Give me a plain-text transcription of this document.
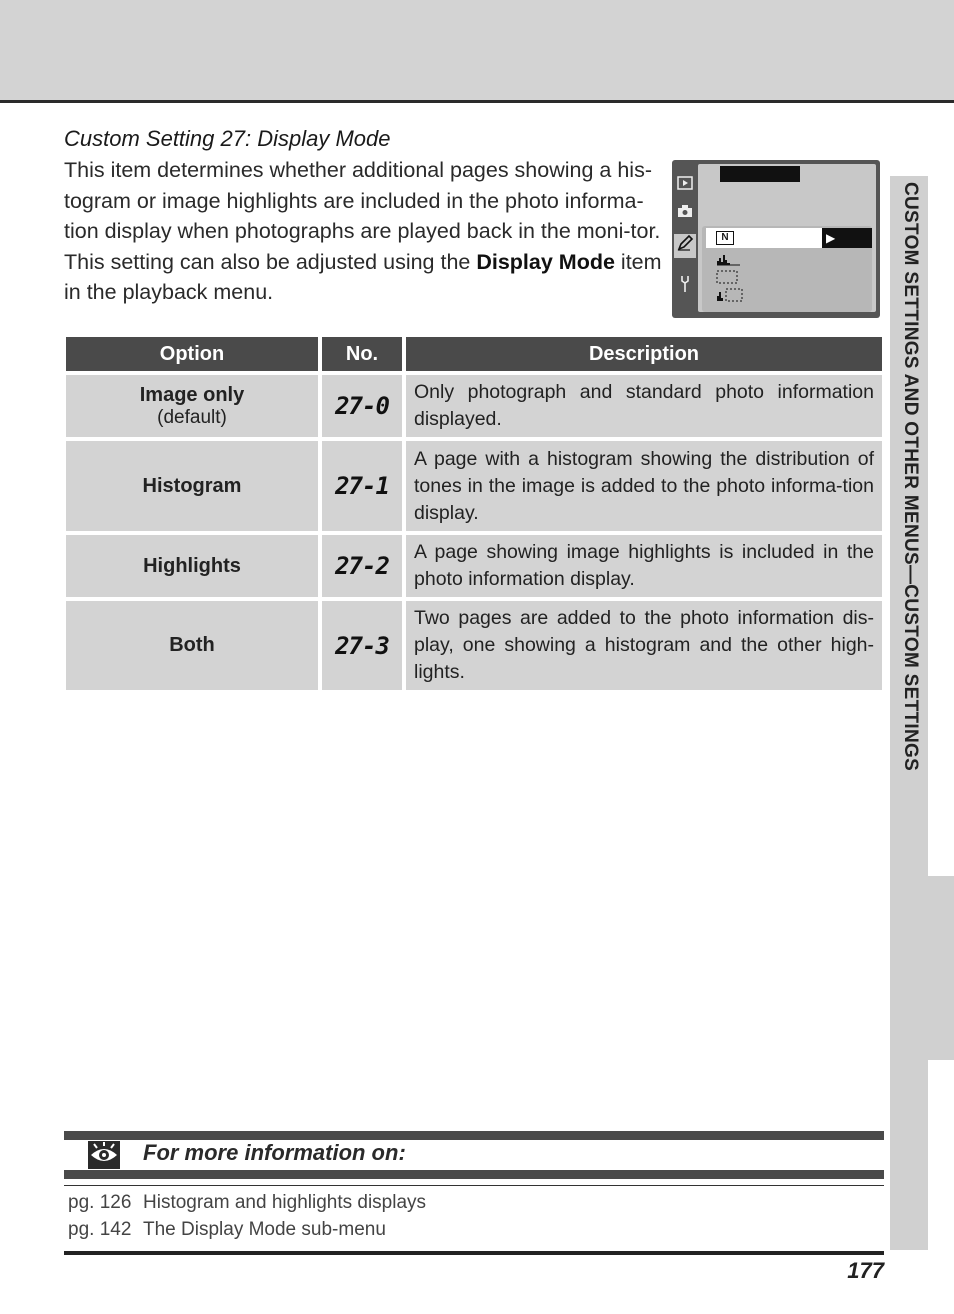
CUSTOM SETTINGS AND OTHER MENUS—CUSTOM SETTINGS
Custom Setting 27: Display Mode
This item determines whether additional pages showing a his-togram or image highlights are included in the photo informa-tion display when photographs are played back in the moni-tor. This setting can also be adjusted using the Display Mode item in the playback menu.
N	▶
Option	No.	Description

Image only
(default)	27-0	Only photograph and standard photo information displayed.

Histogram	27-1	A page with a histogram showing the distribution of tones in the image is added to the photo informa-tion display.

Highlights	27-2	A page showing image highlights is included in the photo information display.

Both	27-3	Two pages are added to the photo information dis-play, one showing a histogram and the other high-lights.
For more information on:
pg. 126 Histogram and highlights displays
pg. 142 The Display Mode sub-menu
177
